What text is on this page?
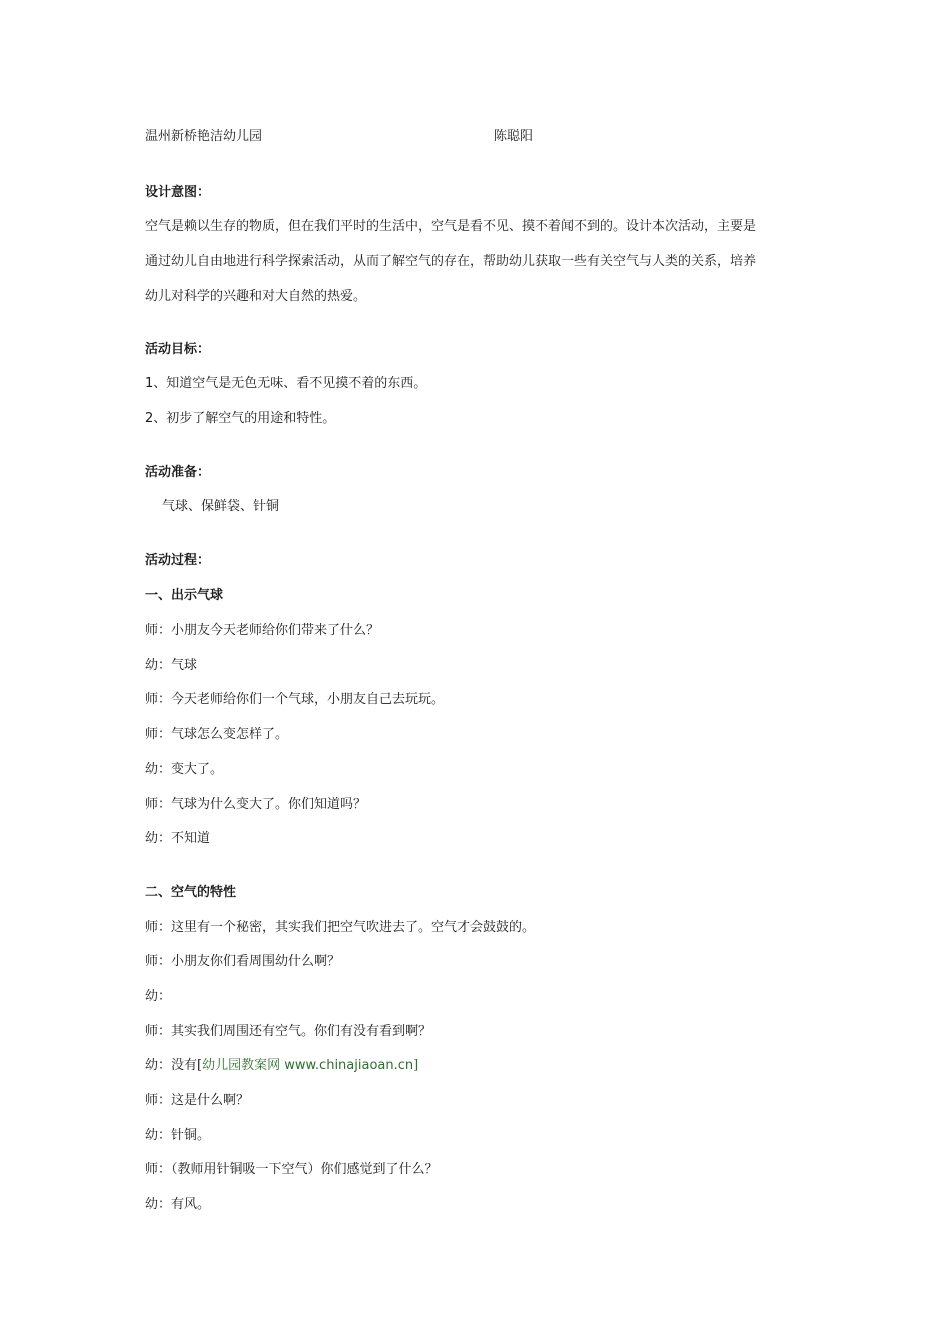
温州新桥艳洁幼儿园	陈聪阳
设计意图：
空气是赖以生存的物质，但在我们平时的生活中，空气是看不见、摸不着闻不到的。设计本次活动，主要是
通过幼儿自由地进行科学探索活动，从而了解空气的存在，帮助幼儿获取一些有关空气与人类的关系，培养
幼儿对科学的兴趣和对大自然的热爱。
活动目标：
1、知道空气是无色无味、看不见摸不着的东西。
2、初步了解空气的用途和特性。
活动准备：
气球、保鲜袋、针铜
活动过程：
一、出示气球
师：小朋友今天老师给你们带来了什么？
幼：气球
师：今天老师给你们一个气球，小朋友自己去玩玩。
师：气球怎么变怎样了。
幼：变大了。
师：气球为什么变大了。你们知道吗？
幼：不知道
二、空气的特性
师：这里有一个秘密，其实我们把空气吹进去了。空气才会鼓鼓的。
师：小朋友你们看周围幼什么啊？
幼：
师：其实我们周围还有空气。你们有没有看到啊？
幼：没有[幼儿园教案网 www.chinajiaoan.cn]
师：这是什么啊？
幼：针铜。
师：（教师用针铜吸一下空气）你们感觉到了什么？
幼：有风。
